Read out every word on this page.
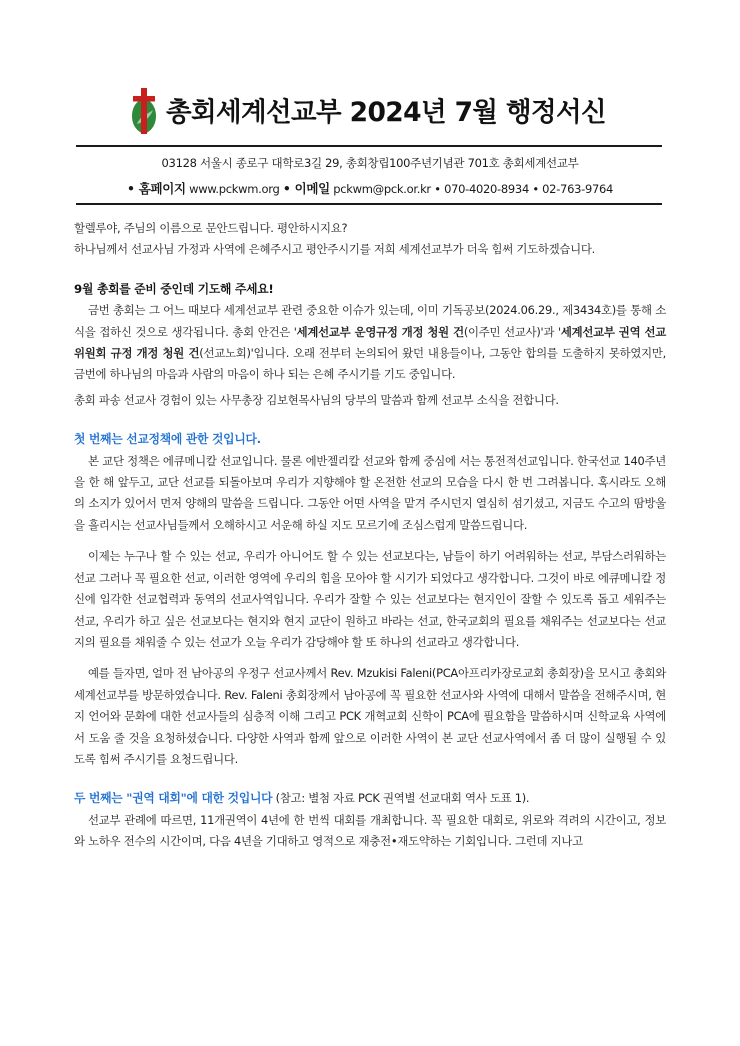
총회세계선교부 2024년 7월 행정서신
03128 서울시 종로구 대학로3길 29, 총회창립100주년기념관 701호 총회세계선교부
• 홈페이지 www.pckwm.org • 이메일 pckwm@pck.or.kr • 070-4020-8934 • 02-763-9764

할렐루야, 주님의 이름으로 문안드립니다. 평안하시지요?

하나님께서 선교사님 가정과 사역에 은혜주시고 평안주시기를 저희 세계선교부가 더욱 힘써 기도하겠습니다.

9월 총회를 준비 중인데 기도해 주세요!

금번 총회는 그 어느 때보다 세계선교부 관련 중요한 이슈가 있는데, 이미 기독공보(2024.06.29., 제3434호)를 통해 소식을 접하신 것으로 생각됩니다. 총회 안건은 '세계선교부 운영규정 개정 청원 건(이주민 선교사)'과 '세계선교부 권역 선교위원회 규정 개정 청원 건(선교노회)'입니다. 오래 전부터 논의되어 왔던 내용들이나, 그동안 합의를 도출하지 못하였지만, 금번에 하나님의 마음과 사람의 마음이 하나 되는 은혜 주시기를 기도 중입니다.

총회 파송 선교사 경험이 있는 사무총장 김보현목사님의 당부의 말씀과 함께 선교부 소식을 전합니다.

첫 번째는 선교정책에 관한 것입니다.

본 교단 정책은 에큐메니칼 선교입니다. 물론 에반젤리칼 선교와 함께 중심에 서는 통전적선교입니다. 한국선교 140주년을 한 해 앞두고, 교단 선교를 되돌아보며 우리가 지향해야 할 온전한 선교의 모습을 다시 한 번 그려봅니다. 혹시라도 오해의 소지가 있어서 먼저 양해의 말씀을 드립니다. 그동안 어떤 사역을 맡겨 주시던지 열심히 섬기셨고, 지금도 수고의 땀방울을 흘리시는 선교사님들께서 오해하시고 서운해 하실 지도 모르기에 조심스럽게 말씀드립니다.

이제는 누구나 할 수 있는 선교, 우리가 아니어도 할 수 있는 선교보다는, 남들이 하기 어려워하는 선교, 부담스러워하는 선교 그러나 꼭 필요한 선교, 이러한 영역에 우리의 힘을 모아야 할 시기가 되었다고 생각합니다. 그것이 바로 에큐메니칼 정신에 입각한 선교협력과 동역의 선교사역입니다. 우리가 잘할 수 있는 선교보다는 현지인이 잘할 수 있도록 돕고 세워주는 선교, 우리가 하고 싶은 선교보다는 현지와 현지 교단이 원하고 바라는 선교, 한국교회의 필요를 채워주는 선교보다는 선교지의 필요를 채워줄 수 있는 선교가 오늘 우리가 감당해야 할 또 하나의 선교라고 생각합니다.

예를 들자면, 얼마 전 남아공의 우정구 선교사께서 Rev. Mzukisi Faleni(PCA아프리카장로교회 총회장)을 모시고 총회와 세계선교부를 방문하였습니다. Rev. Faleni 총회장께서 남아공에 꼭 필요한 선교사와 사역에 대해서 말씀을 전해주시며, 현지 언어와 문화에 대한 선교사들의 심층적 이해 그리고 PCK 개혁교회 신학이 PCA에 필요함을 말씀하시며 신학교육 사역에서 도움 줄 것을 요청하셨습니다. 다양한 사역과 함께 앞으로 이러한 사역이 본 교단 선교사역에서 좀 더 많이 실행될 수 있도록 힘써 주시기를 요청드립니다.

두 번째는 "권역 대회"에 대한 것입니다 (참고: 별첨 자료 PCK 권역별 선교대회 역사 도표 1).

선교부 관례에 따르면, 11개권역이 4년에 한 번씩 대회를 개최합니다. 꼭 필요한 대회로, 위로와 격려의 시간이고, 정보와 노하우 전수의 시간이며, 다음 4년을 기대하고 영적으로 재충전•재도약하는 기회입니다. 그런데 지나고
